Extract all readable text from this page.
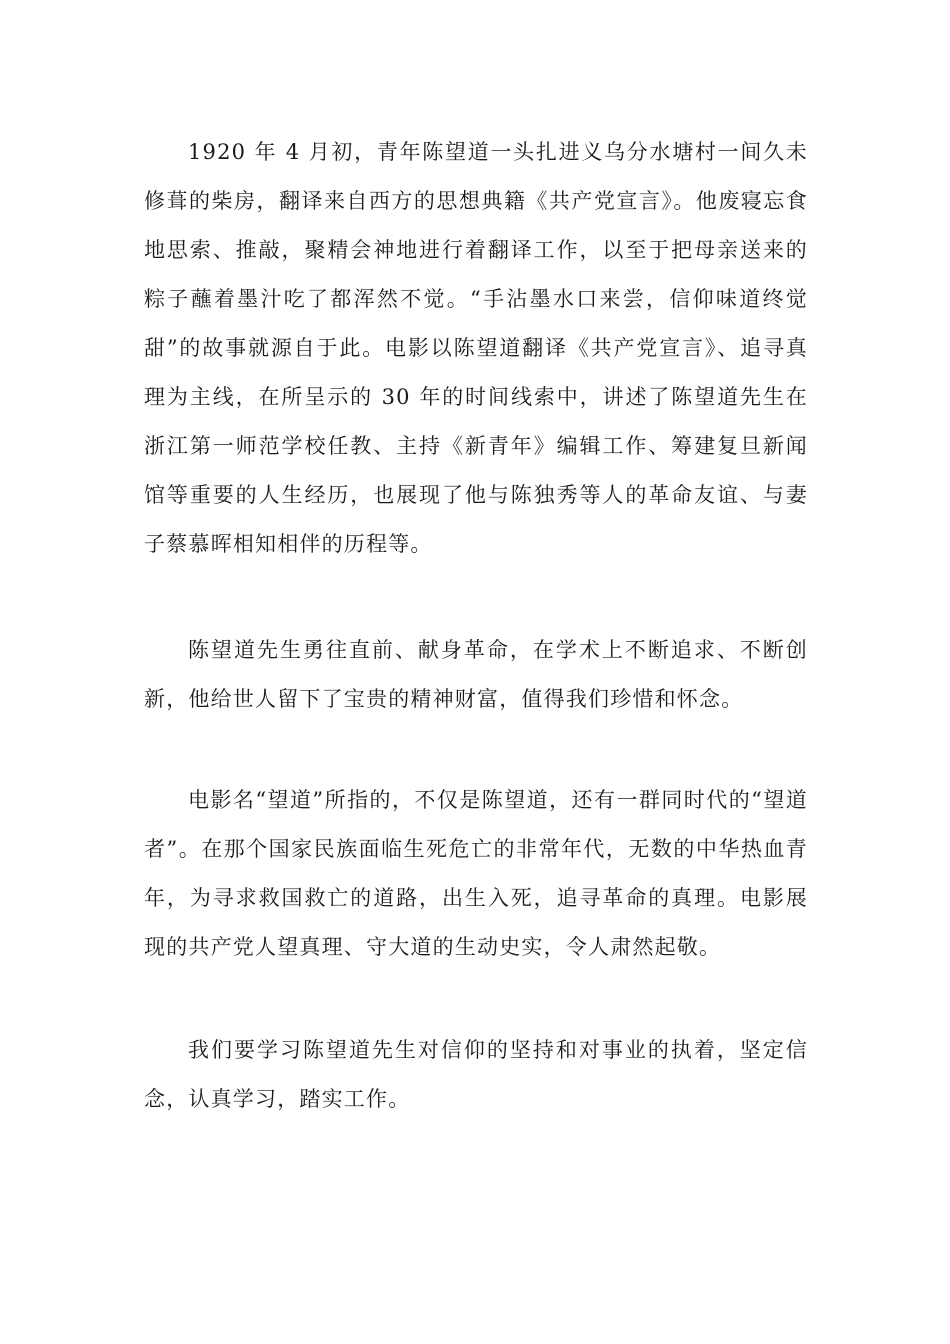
1920 年 4 月初，青年陈望道一头扎进义乌分水塘村一间久未修葺的柴房，翻译来自西方的思想典籍《共产党宣言》。他废寝忘食地思索、推敲，聚精会神地进行着翻译工作，以至于把母亲送来的粽子蘸着墨汁吃了都浑然不觉。“手沾墨水口来尝，信仰味道终觉甜”的故事就源自于此。电影以陈望道翻译《共产党宣言》、追寻真理为主线，在所呈示的 30 年的时间线索中，讲述了陈望道先生在浙江第一师范学校任教、主持《新青年》编辑工作、筹建复旦新闻馆等重要的人生经历，也展现了他与陈独秀等人的革命友谊、与妻子蔡慕晖相知相伴的历程等。

陈望道先生勇往直前、献身革命，在学术上不断追求、不断创新，他给世人留下了宝贵的精神财富，值得我们珍惜和怀念。

电影名“望道”所指的，不仅是陈望道，还有一群同时代的“望道者”。在那个国家民族面临生死危亡的非常年代，无数的中华热血青年，为寻求救国救亡的道路，出生入死，追寻革命的真理。电影展现的共产党人望真理、守大道的生动史实，令人肃然起敬。

我们要学习陈望道先生对信仰的坚持和对事业的执着，坚定信念，认真学习，踏实工作。
